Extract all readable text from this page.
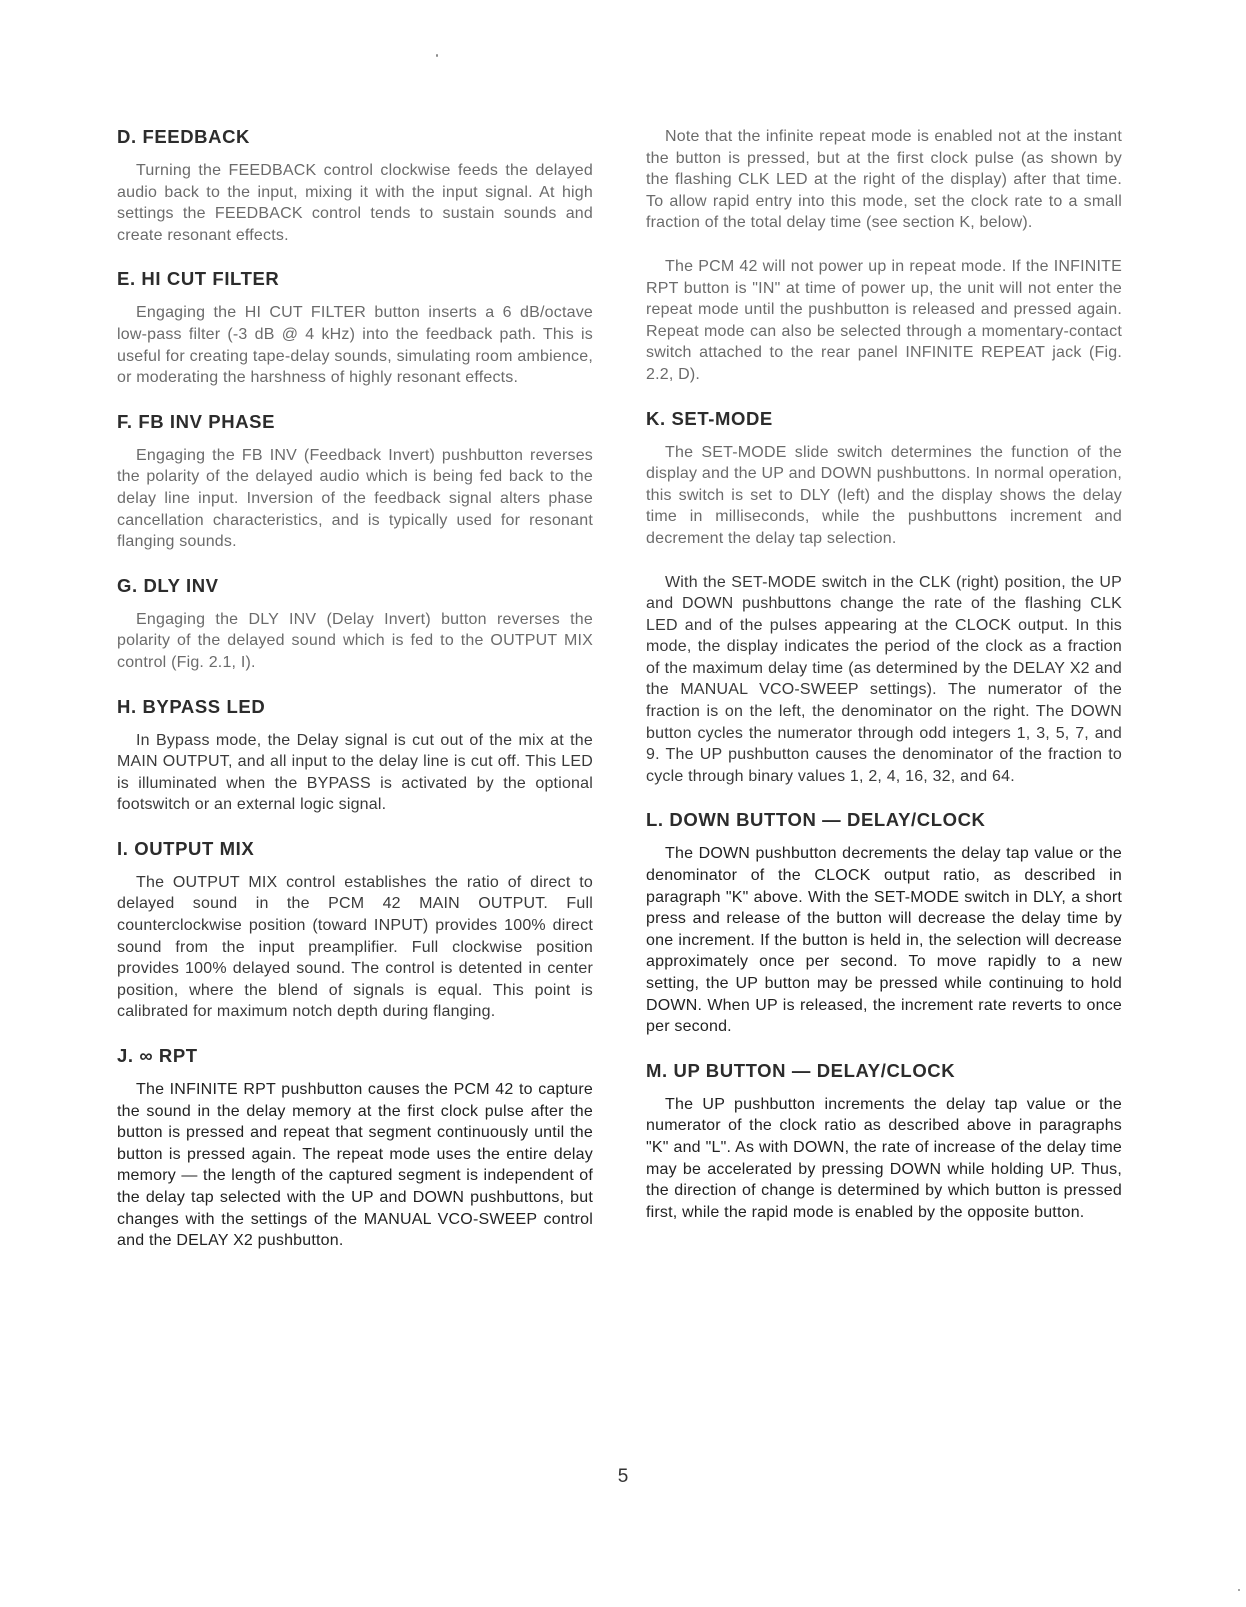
D. FEEDBACK

Turning the FEEDBACK control clockwise feeds the delayed audio back to the input, mixing it with the input signal. At high settings the FEEDBACK control tends to sustain sounds and create resonant effects.

E. HI CUT FILTER

Engaging the HI CUT FILTER button inserts a 6 dB/octave low-pass filter (-3 dB @ 4 kHz) into the feedback path. This is useful for creating tape-delay sounds, simulating room ambience, or moderating the harshness of highly resonant effects.

F. FB INV PHASE

Engaging the FB INV (Feedback Invert) pushbutton reverses the polarity of the delayed audio which is being fed back to the delay line input. Inversion of the feedback signal alters phase cancellation characteristics, and is typically used for resonant flanging sounds.

G. DLY INV

Engaging the DLY INV (Delay Invert) button reverses the polarity of the delayed sound which is fed to the OUTPUT MIX control (Fig. 2.1, I).

H. BYPASS LED

In Bypass mode, the Delay signal is cut out of the mix at the MAIN OUTPUT, and all input to the delay line is cut off. This LED is illuminated when the BYPASS is activated by the optional footswitch or an external logic signal.

I. OUTPUT MIX

The OUTPUT MIX control establishes the ratio of direct to delayed sound in the PCM 42 MAIN OUTPUT. Full counterclockwise position (toward INPUT) provides 100% direct sound from the input preamplifier. Full clockwise position provides 100% delayed sound. The control is detented in center position, where the blend of signals is equal. This point is calibrated for maximum notch depth during flanging.

J. ∞ RPT

The INFINITE RPT pushbutton causes the PCM 42 to capture the sound in the delay memory at the first clock pulse after the button is pressed and repeat that segment continuously until the button is pressed again. The repeat mode uses the entire delay memory — the length of the captured segment is independent of the delay tap selected with the UP and DOWN pushbuttons, but changes with the settings of the MANUAL VCO-SWEEP control and the DELAY X2 pushbutton.

Note that the infinite repeat mode is enabled not at the instant the button is pressed, but at the first clock pulse (as shown by the flashing CLK LED at the right of the display) after that time. To allow rapid entry into this mode, set the clock rate to a small fraction of the total delay time (see section K, below).

The PCM 42 will not power up in repeat mode. If the INFINITE RPT button is "IN" at time of power up, the unit will not enter the repeat mode until the pushbutton is released and pressed again. Repeat mode can also be selected through a momentary-contact switch attached to the rear panel INFINITE REPEAT jack (Fig. 2.2, D).

K. SET-MODE

The SET-MODE slide switch determines the function of the display and the UP and DOWN pushbuttons. In normal operation, this switch is set to DLY (left) and the display shows the delay time in milliseconds, while the pushbuttons increment and decrement the delay tap selection.

With the SET-MODE switch in the CLK (right) position, the UP and DOWN pushbuttons change the rate of the flashing CLK LED and of the pulses appearing at the CLOCK output. In this mode, the display indicates the period of the clock as a fraction of the maximum delay time (as determined by the DELAY X2 and the MANUAL VCO-SWEEP settings). The numerator of the fraction is on the left, the denominator on the right. The DOWN button cycles the numerator through odd integers 1, 3, 5, 7, and 9. The UP pushbutton causes the denominator of the fraction to cycle through binary values 1, 2, 4, 16, 32, and 64.

L. DOWN BUTTON — DELAY/CLOCK

The DOWN pushbutton decrements the delay tap value or the denominator of the CLOCK output ratio, as described in paragraph "K" above. With the SET-MODE switch in DLY, a short press and release of the button will decrease the delay time by one increment. If the button is held in, the selection will decrease approximately once per second. To move rapidly to a new setting, the UP button may be pressed while continuing to hold DOWN. When UP is released, the increment rate reverts to once per second.

M. UP BUTTON — DELAY/CLOCK

The UP pushbutton increments the delay tap value or the numerator of the clock ratio as described above in paragraphs "K" and "L". As with DOWN, the rate of increase of the delay time may be accelerated by pressing DOWN while holding UP. Thus, the direction of change is determined by which button is pressed first, while the rapid mode is enabled by the opposite button.

5
